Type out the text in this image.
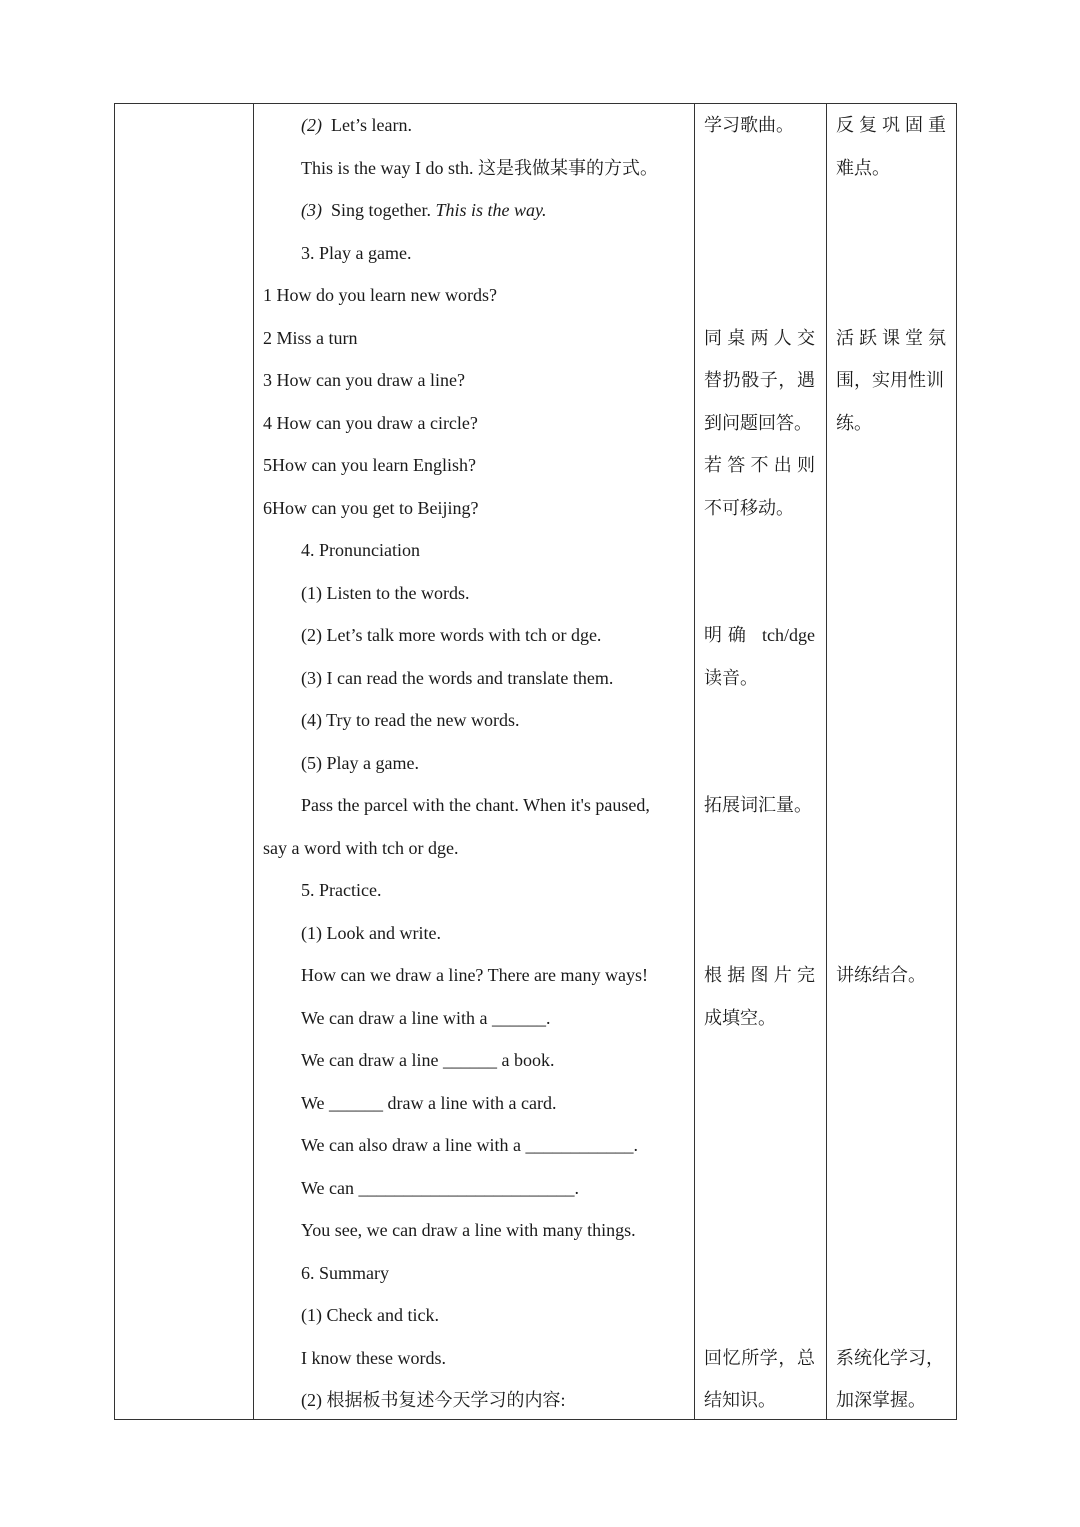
(2) Let’s learn.
This is the way I do sth. 这是我做某事的方式。
(3) Sing together. This is the way.
3. Play a game.
1 How do you learn new words?
2 Miss a turn
3 How can you draw a line?
4 How can you draw a circle?
5How can you learn English?
6How can you get to Beijing?
4. Pronunciation
(1) Listen to the words.
(2) Let’s talk more words with tch or dge.
(3) I can read the words and translate them.
(4) Try to read the new words.
(5) Play a game.
Pass the parcel with the chant. When it's paused,
say a word with tch or dge.
5. Practice.
(1) Look and write.
How can we draw a line? There are many ways!
We can draw a line with a ______.
We can draw a line ______ a book.
We ______ draw a line with a card.
We can also draw a line with a ____________.
We can ________________________.
You see, we can draw a line with many things.
6. Summary
(1) Check and tick.
I know these words.
(2) 根据板书复述今天学习的内容:
学习歌曲。
同桌两人交
替扔骰子，遇
到问题回答。
若答不出则
不可移动。
明确 tch/dge
读音。
拓展词汇量。
根据图片完
成填空。
回忆所学，总
结知识。
反复巩固重
难点。
活跃课堂氛
围，实用性训
练。
讲练结合。
系统化学习，
加深掌握。
